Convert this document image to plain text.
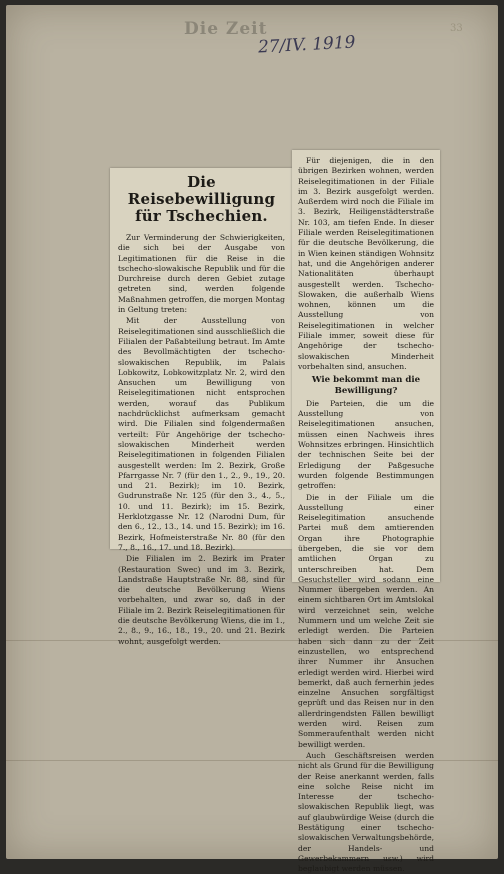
Die Zeit
27/IV. 1919
33
Die Reisebewilligung für Tschechien.

Zur Verminderung der Schwierigkeiten, die sich bei der Ausgabe von Legitimationen für die Reise in die tschecho-slowakische Republik und für die Durchreise durch deren Gebiet zutage getreten sind, werden folgende Maßnahmen getroffen, die morgen Montag in Geltung treten:

Mit der Ausstellung von Reiselegitimationen sind ausschließlich die Filialen der Paßabteilung betraut. Im Amte des Bevollmächtigten der tschecho-slowakischen Republik, im Palais Lobkowitz, Lobkowitzplatz Nr. 2, wird den Ansuchen um Bewilligung von Reiselegitimationen nicht entsprochen werden, worauf das Publikum nachdrücklichst aufmerksam gemacht wird. Die Filialen sind folgendermaßen verteilt: Für Angehörige der tschecho-slowakischen Minderheit werden Reiselegitimationen in folgenden Filialen ausgestellt werden: Im 2. Bezirk, Große Pfarrgasse Nr. 7 (für den 1., 2., 9., 19., 20. und 21. Bezirk); im 10. Bezirk, Gudrunstraße Nr. 125 (für den 3., 4., 5., 10. und 11. Bezirk); im 15. Bezirk, Herklotzgasse Nr. 12 (Narodni Dum, für den 6., 12., 13., 14. und 15. Bezirk); im 16. Bezirk, Hofmeisterstraße Nr. 80 (für den 7., 8., 16., 17. und 18. Bezirk).

Die Filialen im 2. Bezirk im Prater (Restauration Swec) und im 3. Bezirk, Landstraße Hauptstraße Nr. 88, sind für die deutsche Bevölkerung Wiens vorbehalten, und zwar so, daß in der Filiale im 2. Bezirk Reiselegitimationen für die deutsche Bevölkerung Wiens, die im 1., 2., 8., 9., 16., 18., 19., 20. und 21. Bezirk wohnt, ausgefolgt werden.

Für diejenigen, die in den übrigen Bezirken wohnen, werden Reiselegitimationen in der Filiale im 3. Bezirk ausgefolgt werden. Außerdem wird noch die Filiale im 3. Bezirk, Heiligenstädterstraße Nr. 103, am tiefen Ende. In dieser Filiale werden Reiselegitimationen für die deutsche Bevölkerung, die in Wien keinen ständigen Wohnsitz hat, und die Angehörigen anderer Nationalitäten überhaupt ausgestellt werden. Tschecho-Slowaken, die außerhalb Wiens wohnen, können um die Ausstellung von Reiselegitimationen in welcher Filiale immer, soweit diese für Angehörige der tschecho-slowakischen Minderheit vorbehalten sind, ansuchen.

Wie bekommt man die Bewilligung?

Die Parteien, die um die Ausstellung von Reiselegitimationen ansuchen, müssen einen Nachweis ihres Wohnsitzes erbringen. Hinsichtlich der technischen Seite bei der Erledigung der Paßgesuche wurden folgende Bestimmungen getroffen:

Die in der Filiale um die Ausstellung einer Reiselegitimation ansuchende Partei muß dem amtierenden Organ ihre Photographie übergeben, die sie vor dem amtlichen Organ zu unterschreiben hat. Dem Gesuchsteller wird sodann eine Nummer übergeben werden. An einem sichtbaren Ort im Amtslokal wird verzeichnet sein, welche Nummern und um welche Zeit sie erledigt werden. Die Parteien haben sich dann zu der Zeit einzustellen, wo entsprechend ihrer Nummer ihr Ansuchen erledigt werden wird. Hierbei wird bemerkt, daß auch fernerhin jedes einzelne Ansuchen sorgfältigst geprüft und das Reisen nur in den allerdringendsten Fällen bewilligt werden wird. Reisen zum Sommeraufenthalt werden nicht bewilligt werden.

Auch Geschäftsreisen werden nicht als Grund für die Bewilligung der Reise anerkannt werden, falls eine solche Reise nicht im Interesse der tschecho-slowakischen Republik liegt, was auf glaubwürdige Weise (durch die Bestätigung einer tschecho-slowakischen Verwaltungsbehörde, der Handels- und Gewerbekammern usw.) wird beglaubigt werden müssen.
